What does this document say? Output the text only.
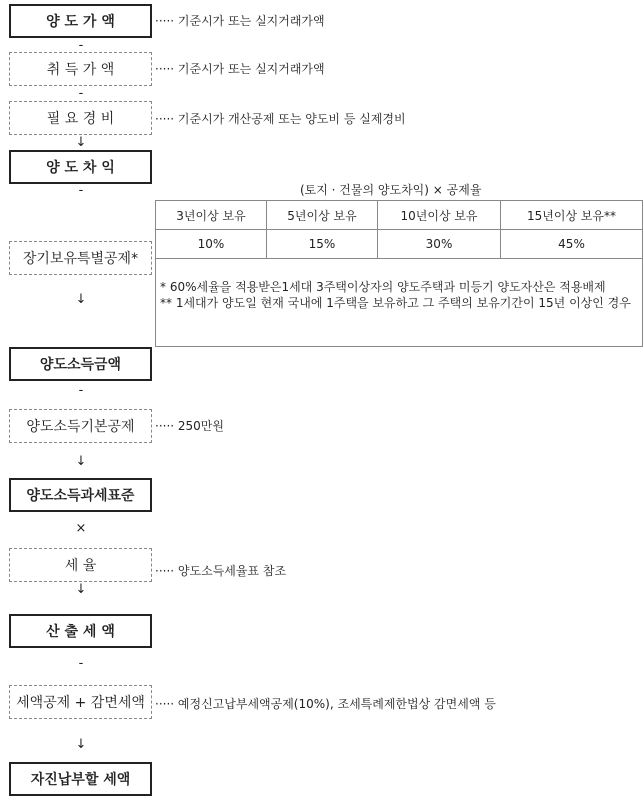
양 도 가 액
취 득 가 액
필 요 경 비
양 도 차 익
장기보유특별공제*
양도소득금액
양도소득기본공제
양도소득과세표준
세 율
산 출 세 액
세액공제 + 감면세액
자진납부할 세액
····· 기준시가 또는 실지거래가액
····· 기준시가 또는 실지거래가액
····· 기준시가 개산공제 또는 양도비 등 실제경비
····· 250만원
····· 양도소득세율표 참조
····· 예정신고납부세액공제(10%), 조세특례제한법상 감면세액 등
-
-
↓
-
↓
-
↓
×
↓
-
↓
(토지 · 건물의 양도차익) × 공제율
3년이상 보유	5년이상 보유	10년이상 보유	15년이상 보유**
10%	15%	30%	45%
* 60%세율을 적용받은1세대 3주택이상자의 양도주택과 미등기 양도자산은 적용배제
** 1세대가 양도일 현재 국내에 1주택을 보유하고 그 주택의 보유기간이 15년 이상인 경우
